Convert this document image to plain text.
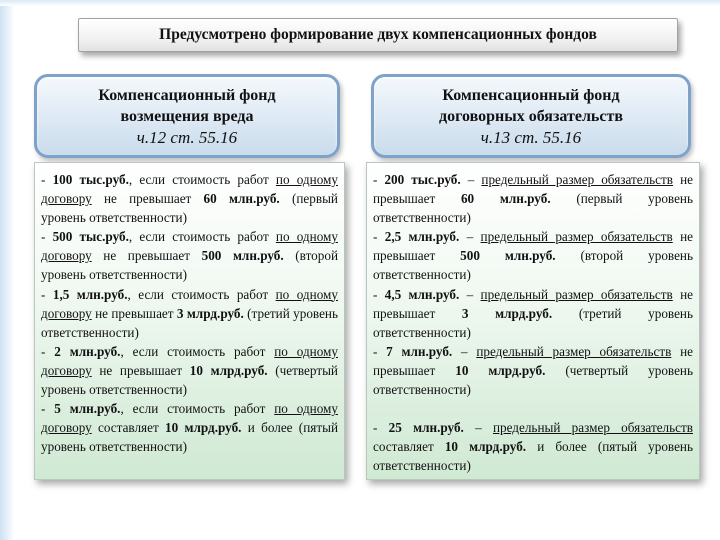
Предусмотрено формирование двух компенсационных фондов
Компенсационный фонд
возмещения вреда
ч.12 ст. 55.16
Компенсационный фонд
договорных обязательств
ч.13 ст. 55.16

- 100 тыс.руб., если стоимость работ по одному договору не превышает 60 млн.руб. (первый уровень ответственности)

- 500 тыс.руб., если стоимость работ по одному договору не превышает 500 млн.руб. (второй уровень ответственности)

- 1,5 млн.руб., если стоимость работ по одному договору не превышает 3 млрд.руб. (третий уровень ответственности)

- 2 млн.руб., если стоимость работ по одному договору не превышает 10 млрд.руб. (четвертый уровень ответственности)

- 5 млн.руб., если стоимость работ по одному договору составляет 10 млрд.руб. и более (пятый уровень ответственности)

- 200 тыс.руб. – предельный размер обязательств не превышает 60 млн.руб. (первый уровень ответственности)

- 2,5 млн.руб. – предельный размер обязательств не превышает 500 млн.руб. (второй уровень ответственности)

- 4,5 млн.руб. – предельный размер обязательств не превышает 3 млрд.руб. (третий уровень ответственности)

- 7 млн.руб. – предельный размер обязательств не превышает 10 млрд.руб. (четвертый уровень ответственности)

- 25 млн.руб. – предельный размер обязательств составляет 10 млрд.руб. и более (пятый уровень ответственности)
